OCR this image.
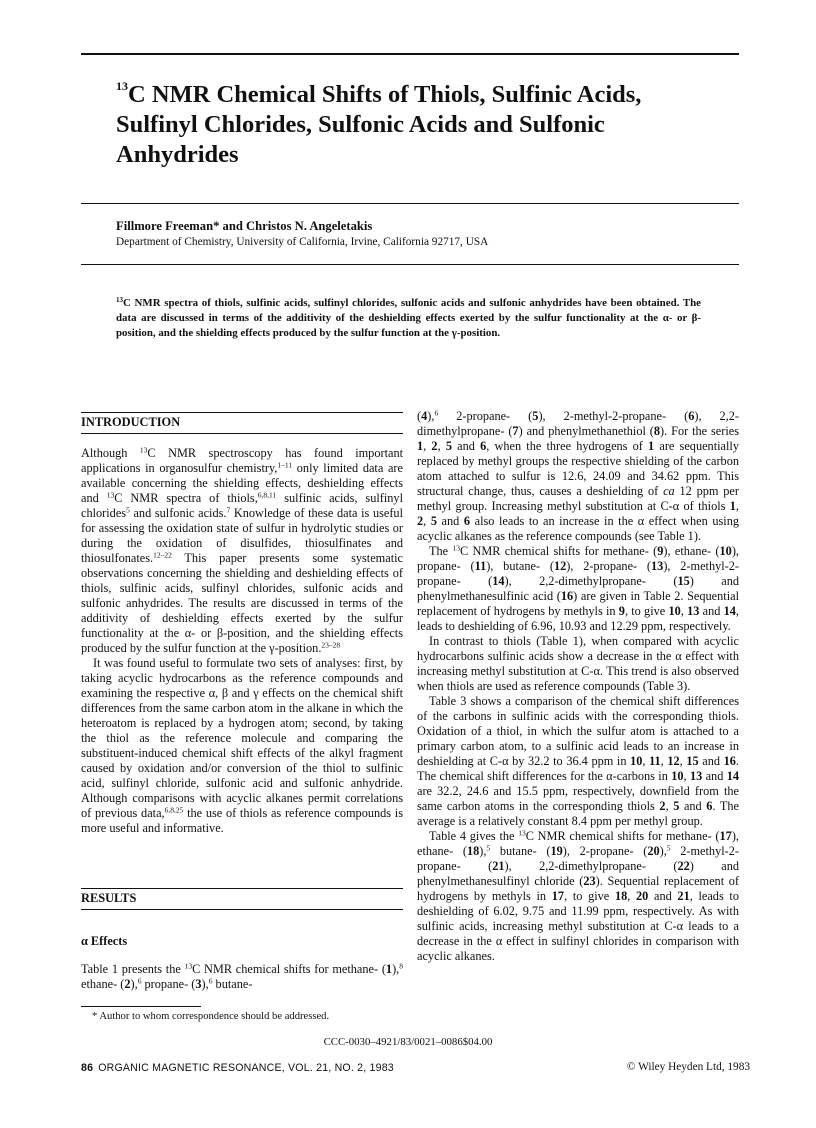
$^{13}$C NMR Chemical Shifts of Thiols, Sulfinic Acids, Sulfinyl Chlorides, Sulfonic Acids and Sulfonic Anhydrides

Fillmore Freeman* and Christos N. Angeletakis

Department of Chemistry, University of California, Irvine, California 92717, USA

$^{13}$C NMR spectra of thiols, sulfinic acids, sulfinyl chlorides, sulfonic acids and sulfonic anhydrides have been obtained. The data are discussed in terms of the additivity of the deshielding effects exerted by the sulfur functionality at the α- or β-position, and the shielding effects produced by the sulfur function at the γ-position.

INTRODUCTION

RESULTS

α Effects

Although $^{13}$C NMR spectroscopy has found important applications in organosulfur chemistry,$^{1-11}$ only limited data are available concerning the shielding effects, deshielding effects and $^{13}$C NMR spectra of thiols,$^{6,8,11}$ sulfinic acids, sulfinyl chlorides$^5$ and sulfonic acids.$^7$ Knowledge of these data is useful for assessing the oxidation state of sulfur in hydrolytic studies or during the oxidation of disulfides, thiosulfinates and thiosulfonates.$^{12-22}$ This paper presents some systematic observations concerning the shielding and deshielding effects of thiols, sulfinic acids, sulfinyl chlorides, sulfonic acids and sulfonic anhydrides. The results are discussed in terms of the additivity of deshielding effects exerted by the sulfur functionality at the α- or β-position, and the shielding effects produced by the sulfur function at the γ-position.$^{23-28}$

It was found useful to formulate two sets of analyses: first, by taking acyclic hydrocarbons as the reference compounds and examining the respective α, β and γ effects on the chemical shift differences from the same carbon atom in the alkane in which the heteroatom is replaced by a hydrogen atom; second, by taking the thiol as the reference molecule and comparing the substituent-induced chemical shift effects of the alkyl fragment caused by oxidation and/or conversion of the thiol to sulfinic acid, sulfinyl chloride, sulfonic acid and sulfonic anhydride. Although comparisons with acyclic alkanes permit correlations of previous data,$^{6,8,25}$ the use of thiols as reference compounds is more useful and informative.

Table 1 presents the $^{13}$C NMR chemical shifts for methane- (1),$^8$ ethane- (2),$^6$ propane- (3),$^6$ butane-

(4),$^6$ 2-propane- (5), 2-methyl-2-propane- (6), 2,2-dimethylpropane- (7) and phenylmethanethiol (8). For the series 1, 2, 5 and 6, when the three hydrogens of 1 are sequentially replaced by methyl groups the respective shielding of the carbon atom attached to sulfur is 12.6, 24.09 and 34.62 ppm. This structural change, thus, causes a deshielding of ca 12 ppm per methyl group. Increasing methyl substitution at C-α of thiols 1, 2, 5 and 6 also leads to an increase in the α effect when using acyclic alkanes as the reference compounds (see Table 1).

The $^{13}$C NMR chemical shifts for methane- (9), ethane- (10), propane- (11), butane- (12), 2-propane- (13), 2-methyl-2-propane- (14), 2,2-dimethylpropane- (15) and phenylmethanesulfinic acid (16) are given in Table 2. Sequential replacement of hydrogens by methyls in 9, to give 10, 13 and 14, leads to deshielding of 6.96, 10.93 and 12.29 ppm, respectively.

In contrast to thiols (Table 1), when compared with acyclic hydrocarbons sulfinic acids show a decrease in the α effect with increasing methyl substitution at C-α. This trend is also observed when thiols are used as reference compounds (Table 3).

Table 3 shows a comparison of the chemical shift differences of the carbons in sulfinic acids with the corresponding thiols. Oxidation of a thiol, in which the sulfur atom is attached to a primary carbon atom, to a sulfinic acid leads to an increase in deshielding at C-α by 32.2 to 36.4 ppm in 10, 11, 12, 15 and 16. The chemical shift differences for the α-carbons in 10, 13 and 14 are 32.2, 24.6 and 15.5 ppm, respectively, downfield from the same carbon atoms in the corresponding thiols 2, 5 and 6. The average is a relatively constant 8.4 ppm per methyl group.

Table 4 gives the $^{13}$C NMR chemical shifts for methane- (17), ethane- (18),$^5$ butane- (19), 2-propane- (20),$^5$ 2-methyl-2-propane- (21), 2,2-dimethylpropane- (22) and phenylmethanesulfinyl chloride (23). Sequential replacement of hydrogens by methyls in 17, to give 18, 20 and 21, leads to deshielding of 6.02, 9.75 and 11.99 ppm, respectively. As with sulfinic acids, increasing methyl substitution at C-α leads to a decrease in the α effect in sulfinyl chlorides in comparison with acyclic alkanes.

* Author to whom correspondence should be addressed.

CCC-0030–4921/83/0021–0086$04.00

86 ORGANIC MAGNETIC RESONANCE, VOL. 21, NO. 2, 1983	© Wiley Heyden Ltd, 1983
